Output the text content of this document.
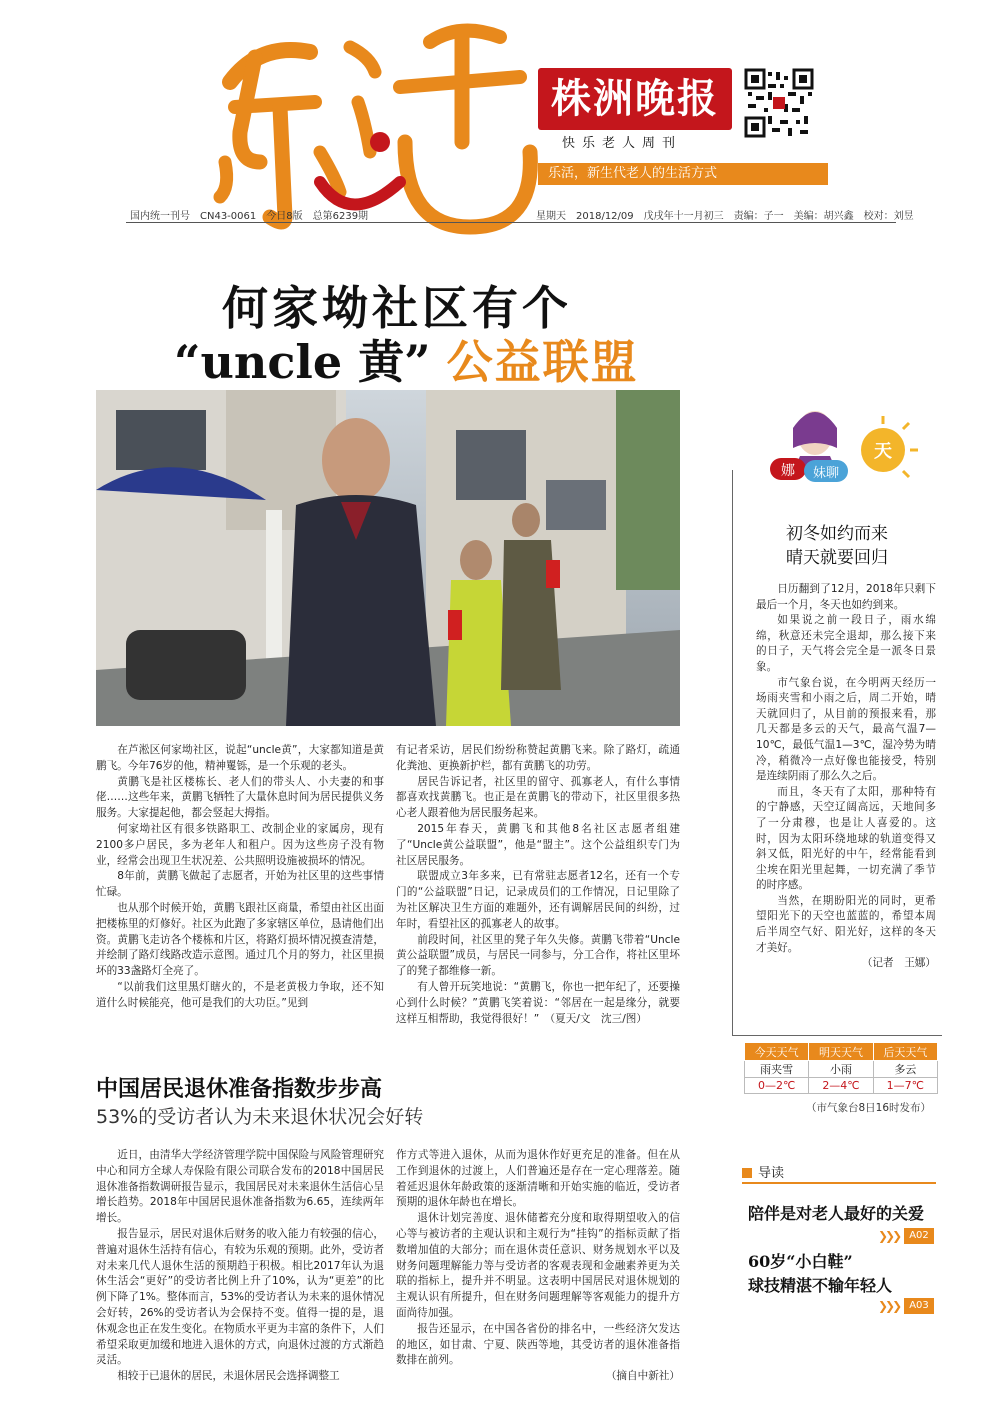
株洲晚报
快乐老人周刊
乐活，新生代老人的生活方式
国内统一刊号　CN43-0061　今日8版　总第6239期	星期天　2018/12/09　戊戌年十一月初三　责编：子一　美编：胡兴鑫　校对：刘昱
何家坳社区有个
“uncle 黄” 公益联盟

在芦淞区何家坳社区，说起“uncle黄”，大家都知道是黄鹏飞。今年76岁的他，精神矍铄，是一个乐观的老头。

黄鹏飞是社区楼栋长、老人们的带头人、小夫妻的和事佬……这些年来，黄鹏飞牺牲了大量休息时间为居民提供义务服务。大家提起他，都会竖起大拇指。

何家坳社区有很多铁路职工、改制企业的家属房，现有2100多户居民，多为老年人和租户。因为这些房子没有物业，经常会出现卫生状况差、公共照明设施被损坏的情况。

8年前，黄鹏飞做起了志愿者，开始为社区里的这些事情忙碌。

也从那个时候开始，黄鹏飞跟社区商量，希望由社区出面把楼栋里的灯修好。社区为此跑了多家辖区单位，恳请他们出资。黄鹏飞走访各个楼栋和片区，将路灯损坏情况摸查清楚，并绘制了路灯线路改造示意图。通过几个月的努力，社区里损坏的33盏路灯全亮了。

“以前我们这里黑灯瞎火的，不是老黄极力争取，还不知道什么时候能亮，他可是我们的大功臣。”见到

有记者采访，居民们纷纷称赞起黄鹏飞来。除了路灯，疏通化粪池、更换新护栏，都有黄鹏飞的功劳。

居民告诉记者，社区里的留守、孤寡老人，有什么事情都喜欢找黄鹏飞。也正是在黄鹏飞的带动下，社区里很多热心老人跟着他为居民服务起来。

2015年春天，黄鹏飞和其他8名社区志愿者组建了“Uncle黄公益联盟”，他是“盟主”。这个公益组织专门为社区居民服务。

联盟成立3年多来，已有常驻志愿者12名，还有一个专门的“公益联盟”日记，记录成员们的工作情况，日记里除了为社区解决卫生方面的难题外，还有调解居民间的纠纷，过年时，看望社区的孤寡老人的故事。

前段时间，社区里的凳子年久失修。黄鹏飞带着“Uncle黄公益联盟”成员，与居民一同参与，分工合作，将社区里坏了的凳子都维修一新。

有人曾开玩笑地说：“黄鹏飞，你也一把年纪了，还要操心到什么时候？”黄鹏飞笑着说：“邻居在一起是缘分，就要这样互相帮助，我觉得很好！”　（夏天/文　沈三/图）

中国居民退休准备指数步步高
53%的受访者认为未来退休状况会好转

近日，由清华大学经济管理学院中国保险与风险管理研究中心和同方全球人寿保险有限公司联合发布的2018中国居民退休准备指数调研报告显示，我国居民对未来退休生活信心呈增长趋势。2018年中国居民退休准备指数为6.65，连续两年增长。

报告显示，居民对退休后财务的收入能力有较强的信心，普遍对退休生活持有信心，有较为乐观的预期。此外，受访者对未来几代人退休生活的预期趋于积极。相比2017年认为退休生活会“更好”的受访者比例上升了10%，认为“更差”的比例下降了1%。整体而言，53%的受访者认为未来的退休情况会好转，26%的受访者认为会保持不变。值得一提的是，退休观念也正在发生变化。在物质水平更为丰富的条件下，人们希望采取更加缓和地进入退休的方式，向退休过渡的方式渐趋灵活。

相较于已退休的居民，未退休居民会选择调整工

作方式等进入退休，从而为退休作好更充足的准备。但在从工作到退休的过渡上，人们普遍还是存在一定心理落差。随着延迟退休年龄政策的逐渐清晰和开始实施的临近，受访者预期的退休年龄也在增长。

退休计划完善度、退休储蓄充分度和取得期望收入的信心等与被访者的主观认识和主观行为“挂钩”的指标贡献了指数增加值的大部分；而在退休责任意识、财务规划水平以及财务问题理解能力等与受访者的客观表现和金融素养更为关联的指标上，提升并不明显。这表明中国居民对退休规划的主观认识有所提升，但在财务问题理解等客观能力的提升方面尚待加强。

报告还显示，在中国各省份的排名中，一些经济欠发达的地区，如甘肃、宁夏、陕西等地，其受访者的退休准备指数排在前列。

（摘自中新社）

娜 妹聊
天
初冬如约而来
晴天就要回归

日历翻到了12月，2018年只剩下最后一个月，冬天也如约到来。

如果说之前一段日子，雨水绵绵，秋意还未完全退却，那么接下来的日子，天气将会完全是一派冬日景象。

市气象台说，在今明两天经历一场雨夹雪和小雨之后，周二开始，晴天就回归了，从目前的预报来看，那几天都是多云的天气，最高气温7—10℃，最低气温1—3℃，湿冷势为晴冷，稍微冷一点好像也能接受，特别是连续阴雨了那么久之后。

而且，冬天有了太阳，那种特有的宁静感，天空辽阔高远，天地间多了一分肃穆，也是让人喜爱的。这时，因为太阳环绕地球的轨道变得又斜又低，阳光好的中午，经常能看到尘埃在阳光里起舞，一切充满了季节的时序感。

当然，在期盼阳光的同时，更希望阳光下的天空也蓝蓝的，希望本周后半周空气好、阳光好，这样的冬天才美好。

（记者　王娜）

今天天气	明天天气	后天天气
雨夹雪	小雨	多云
0—2℃	2—4℃	1—7℃
（市气象台8日16时发布）
导读
陪伴是对老人最好的关爱
❯❯❯	A02
60岁“小白鞋”
球技精湛不输年轻人
❯❯❯	A03
